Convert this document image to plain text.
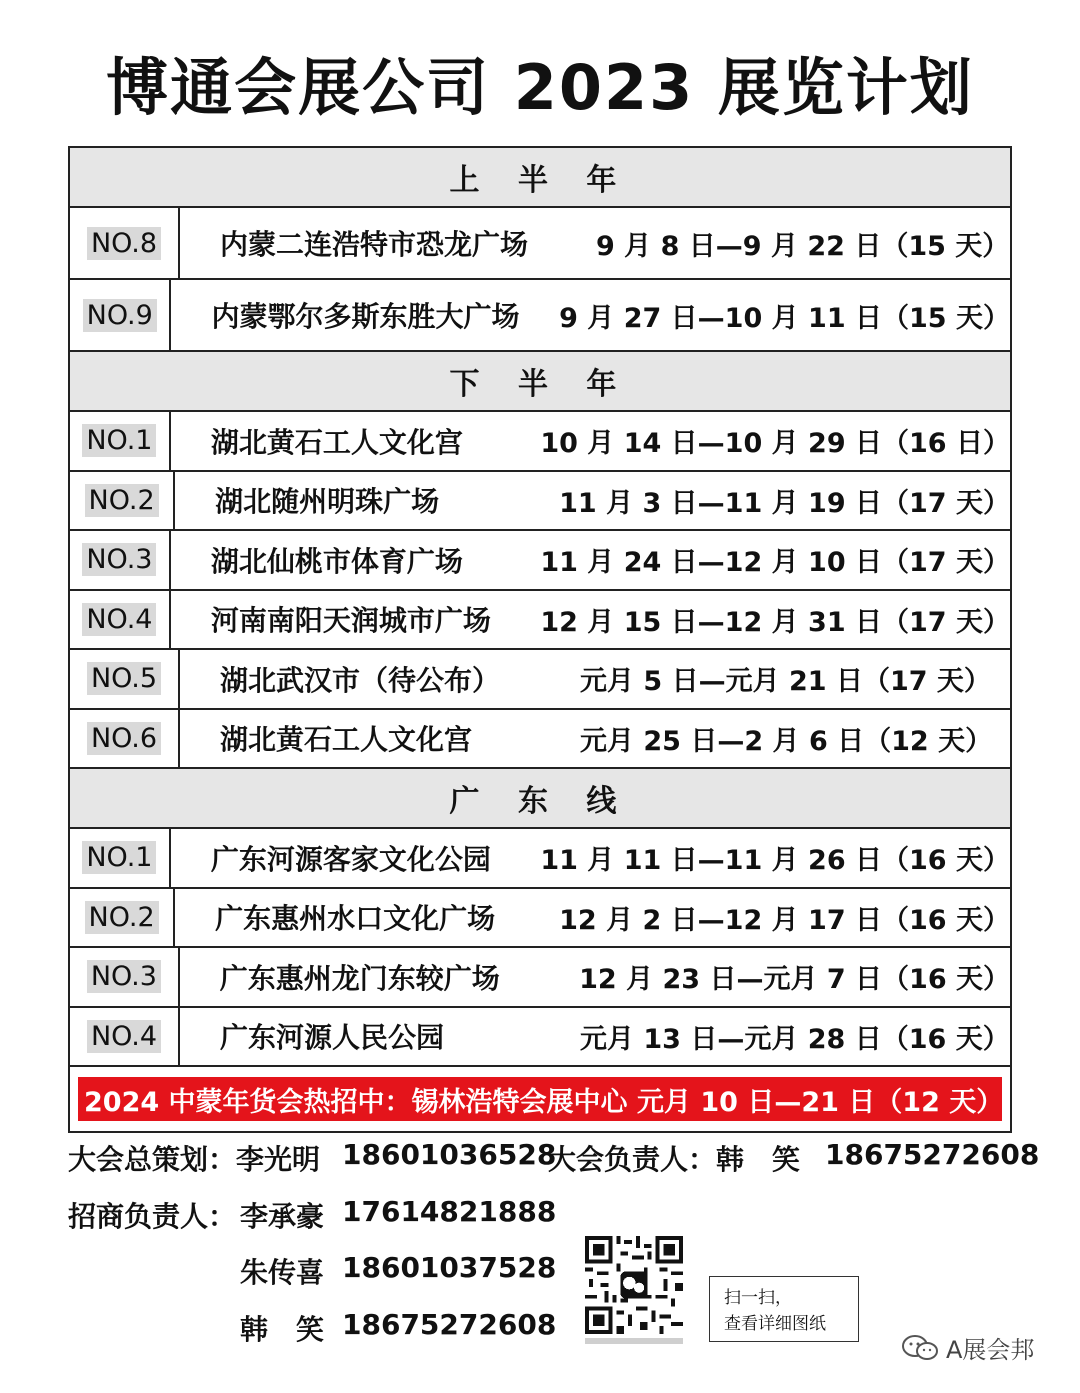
博通会展公司 2023 展览计划
上 半 年
NO.8	内蒙二连浩特市恐龙广场	9 月 8 日—9 月 22 日（15 天）
NO.9	内蒙鄂尔多斯东胜大广场	9 月 27 日—10 月 11 日（15 天）
下 半 年
NO.1	湖北黄石工人文化宫	10 月 14 日—10 月 29 日（16 日）
NO.2	湖北随州明珠广场	11 月 3 日—11 月 19 日（17 天）
NO.3	湖北仙桃市体育广场	11 月 24 日—12 月 10 日（17 天）
NO.4	河南南阳天润城市广场	12 月 15 日—12 月 31 日（17 天）
NO.5	湖北武汉市（待公布）	元月 5 日—元月 21 日（17 天）
NO.6	湖北黄石工人文化宫	元月 25 日—2 月 6 日（12 天）
广 东 线
NO.1	广东河源客家文化公园	11 月 11 日—11 月 26 日（16 天）
NO.2	广东惠州水口文化广场	12 月 2 日—12 月 17 日（16 天）
NO.3	广东惠州龙门东较广场	12 月 23 日—元月 7 日（16 天）
NO.4	广东河源人民公园	元月 13 日—元月 28 日（16 天）
2024 中蒙年货会热招中：锡林浩特会展中心 元月 10 日—21 日（12 天）
大会总策划：李光明 18601036528
大会负责人：韩　笑 18675272608
招商负责人： 李承豪 17614821888
朱传喜 18601037528
韩　笑 18675272608
扫一扫，
查看详细图纸
A展会邦
